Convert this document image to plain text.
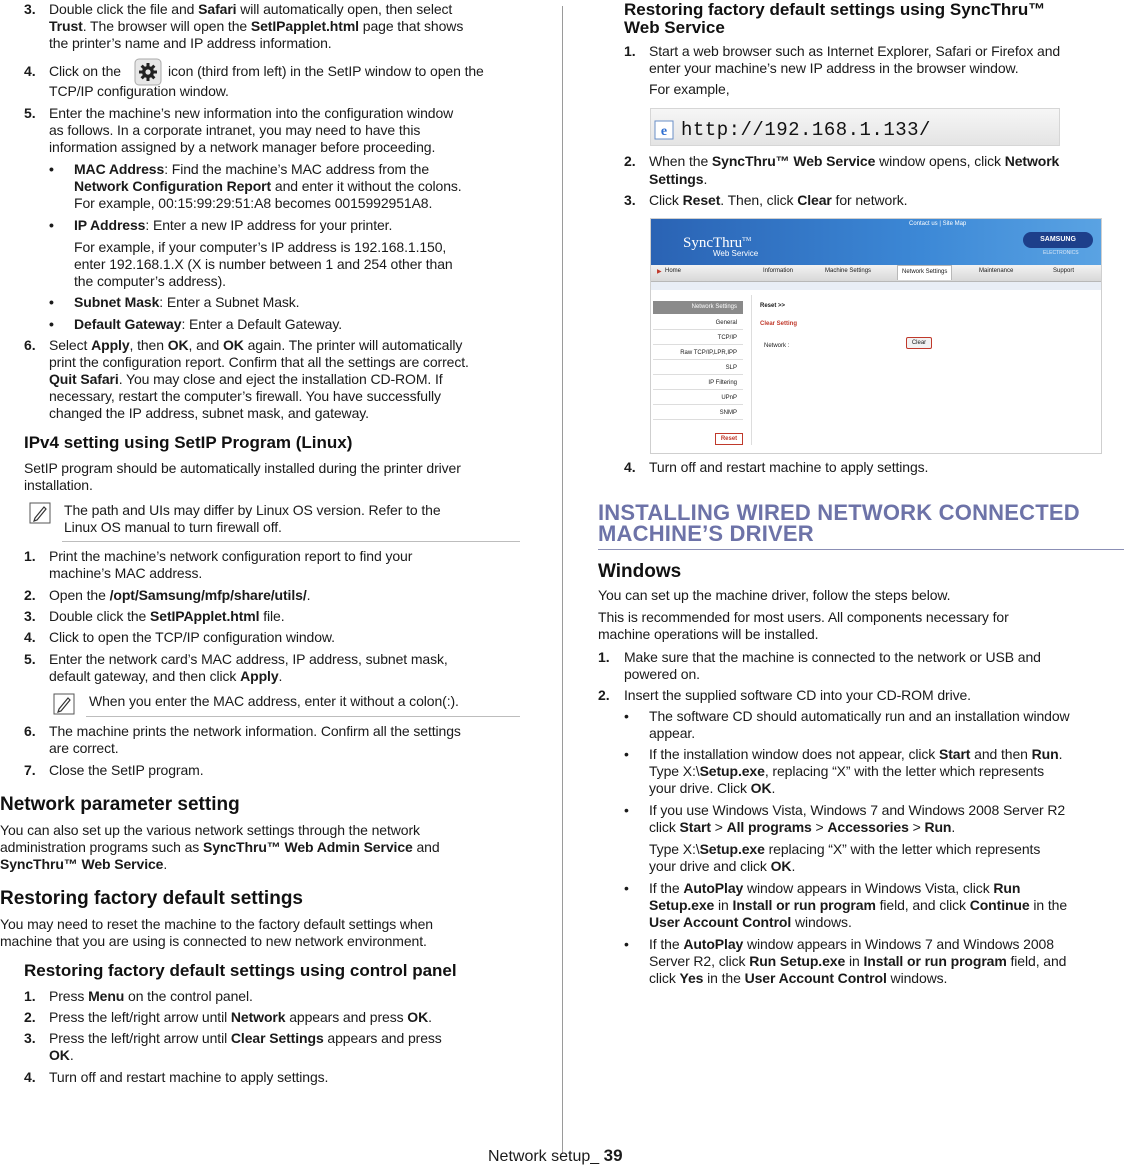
3. Double click the file and Safari will automatically open, then select
Trust. The browser will open the SetIPapplet.html page that shows
the printer’s name and IP address information.
4. Click on the	icon (third from left) in the SetIP window to open the
TCP/IP configuration window.
5. Enter the machine’s new information into the configuration window
as follows. In a corporate intranet, you may need to have this
information assigned by a network manager before proceeding.
• MAC Address: Find the machine’s MAC address from the
Network Configuration Report and enter it without the colons.
For example, 00:15:99:29:51:A8 becomes 0015992951A8.
• IP Address: Enter a new IP address for your printer.
For example, if your computer’s IP address is 192.168.1.150,
enter 192.168.1.X (X is number between 1 and 254 other than
the computer’s address).
• Subnet Mask: Enter a Subnet Mask.
• Default Gateway: Enter a Default Gateway.
6. Select Apply, then OK, and OK again. The printer will automatically
print the configuration report. Confirm that all the settings are correct.
Quit Safari. You may close and eject the installation CD-ROM. If
necessary, restart the computer’s firewall. You have successfully
changed the IP address, subnet mask, and gateway.
IPv4 setting using SetIP Program (Linux)
SetIP program should be automatically installed during the printer driver
installation.
The path and UIs may differ by Linux OS version. Refer to the
Linux OS manual to turn firewall off.
1. Print the machine’s network configuration report to find your
machine’s MAC address.
2. Open the /opt/Samsung/mfp/share/utils/.
3. Double click the SetIPApplet.html file.
4. Click to open the TCP/IP configuration window.
5. Enter the network card’s MAC address, IP address, subnet mask,
default gateway, and then click Apply.
When you enter the MAC address, enter it without a colon(:).
6. The machine prints the network information. Confirm all the settings
are correct.
7. Close the SetIP program.
Network parameter setting
You can also set up the various network settings through the network
administration programs such as SyncThru™ Web Admin Service and
SyncThru™ Web Service.
Restoring factory default settings
You may need to reset the machine to the factory default settings when
machine that you are using is connected to new network environment.
Restoring factory default settings using control panel
1. Press Menu on the control panel.
2. Press the left/right arrow until Network appears and press OK.
3. Press the left/right arrow until Clear Settings appears and press
OK.
4. Turn off and restart machine to apply settings.
Restoring factory default settings using SyncThru™
Web Service
1. Start a web browser such as Internet Explorer, Safari or Firefox and
enter your machine’s new IP address in the browser window.
For example,
e http://192.168.1.133/
2. When the SyncThru™ Web Service window opens, click Network
Settings.
3. Click Reset. Then, click Clear for network.
SyncThru™
Web Service
Contact us | Site Map
SAMSUNG
ELECTRONICS
▶ Home	Information	Machine Settings	Network Settings	Maintenance	Support
Network Settings
General
TCP/IP
Raw TCP/IP,LPR,IPP
SLP
IP Filtering
UPnP
SNMP
Reset
Reset >>
Clear Setting
Network :	Clear
4. Turn off and restart machine to apply settings.
INSTALLING WIRED NETWORK CONNECTED
MACHINE’S DRIVER
Windows
You can set up the machine driver, follow the steps below.
This is recommended for most users. All components necessary for
machine operations will be installed.
1. Make sure that the machine is connected to the network or USB and
powered on.
2. Insert the supplied software CD into your CD-ROM drive.
• The software CD should automatically run and an installation window
appear.
• If the installation window does not appear, click Start and then Run.
Type X:\Setup.exe, replacing “X” with the letter which represents
your drive. Click OK.
• If you use Windows Vista, Windows 7 and Windows 2008 Server R2
click Start > All programs > Accessories > Run.
Type X:\Setup.exe replacing “X” with the letter which represents
your drive and click OK.
• If the AutoPlay window appears in Windows Vista, click Run
Setup.exe in Install or run program field, and click Continue in the
User Account Control windows.
• If the AutoPlay window appears in Windows 7 and Windows 2008
Server R2, click Run Setup.exe in Install or run program field, and
click Yes in the User Account Control windows.
Network setup_ 39
